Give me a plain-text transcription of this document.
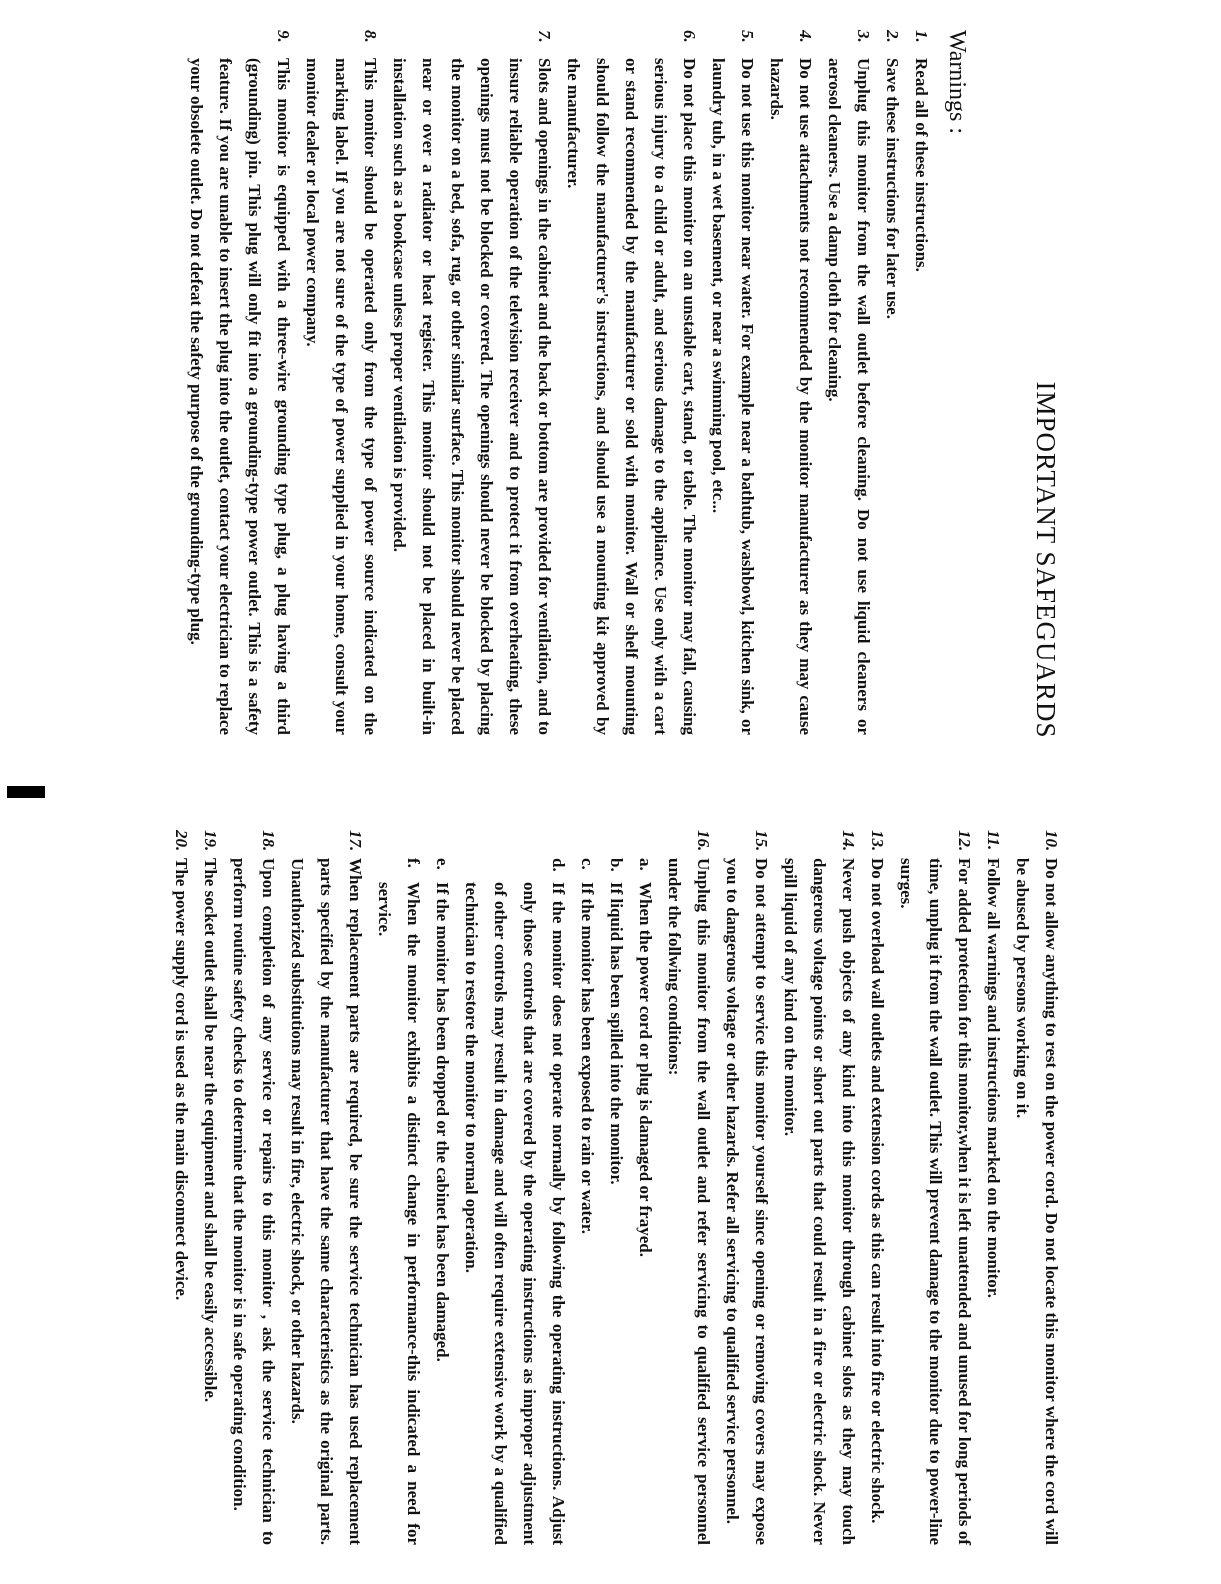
IMPORTANT SAFEGUARDS
Warnings :
1.
Read all of these instructions.
2.
Save these instructions for later use.
3.
Unplug this monitor from the wall outlet before cleaning. Do not use liquid cleaners or aerosol cleaners. Use a damp cloth for cleaning.
4.
Do not use attachments not recommended by the monitor manufacturer as they may cause hazards.
5.
Do not use this monitor near water. For example near a bathtub, washbowl, kitchen sink, or laundry tub, in a wet basement, or near a swimming pool, etc...
6.
Do not place this monitor on an unstable cart, stand, or table. The monitor may fall, causing serious injury to a child or adult, and serious damage to the appliance. Use only with a cart or stand recommended by the manufacturer or sold with monitor. Wall or shelf mounting should follow the manufacturer's instructions, and should use a mounting kit approved by the manufacturer.
7.
Slots and openings in the cabinet and the back or bottom are provided for ventilation, and to insure reliable operation of the television receiver and to protect it from overheating, these openings must not be blocked or covered. The openings should never be blocked by placing the monitor on a bed, sofa, rug, or other similar surface. This monitor should never be placed near or over a radiator or heat register. This monitor should not be placed in built-in installation such as a bookcase unless proper ventilation is provided.
8.
This monitor should be operated only from the type of power source indicated on the marking label. If you are not sure of the type of power supplied in your home, consult your monitor dealer or local power company.
9.
This monitor is equipped with a three-wire grounding type plug, a plug having a third (grounding) pin. This plug will only fit into a grounding-type power outlet. This is a safety feature. If you are unable to insert the plug into the outlet, contact your electrician to replace your obsolete outlet. Do not defeat the safety purpose of the grounding-type plug.
10.
Do not allow anything to rest on the power cord. Do not locate this monitor where the cord will be abused by persons working on it.
11.
Follow all warnings and instructions marked on the monitor.
12.
For added protection for this monitor,when it is left unattended and unused for long periods of time, unplug it from the wall outlet. This will prevent damage to the monitor due to power-line surges.
13.
Do not overload wall outlets and extension cords as this can result into fire or electric shock.
14.
Never push objects of any kind into this monitor through cabinet slots as they may touch dangerous voltage points or short out parts that could result in a fire or electric shock. Never spill liquid of any kind on the monitor.
15.
Do not attempt to service this monitor yourself since opening or removing covers may expose you to dangerous voltage or other hazards. Refer all servicing to qualified service personnel.
16.
Unplug this monitor from the wall outlet and refer servicing to qualified service personnel under the follwing conditions:
a.
When the power cord or plug is damaged or frayed.
b.
If liquid has been spilled into the monitor.
c.
If the monitor has been exposed to rain or water.
d.
If the monitor does not operate normally by following the operating instructions. Adjust only those controls that are covered by the operating instructions as improper adjustment of other controls may result in damage and will often require extensive work by a qualified technician to restore the monitor to normal operation.
e.
If the monitor has been dropped or the cabinet has been damaged.
f.
When the monitor exhibits a distinct change in performance-this indicated a need for service.
17.
When replacement parts are required, be sure the service technician has used replacement parts specified by the manufacturer that have the same characteristics as the original parts. Unauthorized substitutions may result in fire, electric shock, or other hazards.
18.
Upon completion of any service or repairs to this monitor , ask the service technician to perform routine safety checks to determine that the monitor is in safe operating condition.
19.
The socket outlet shall be near the equipment and shall be easily accessible.
20.
The power supply cord is used as the main disconnect device.
